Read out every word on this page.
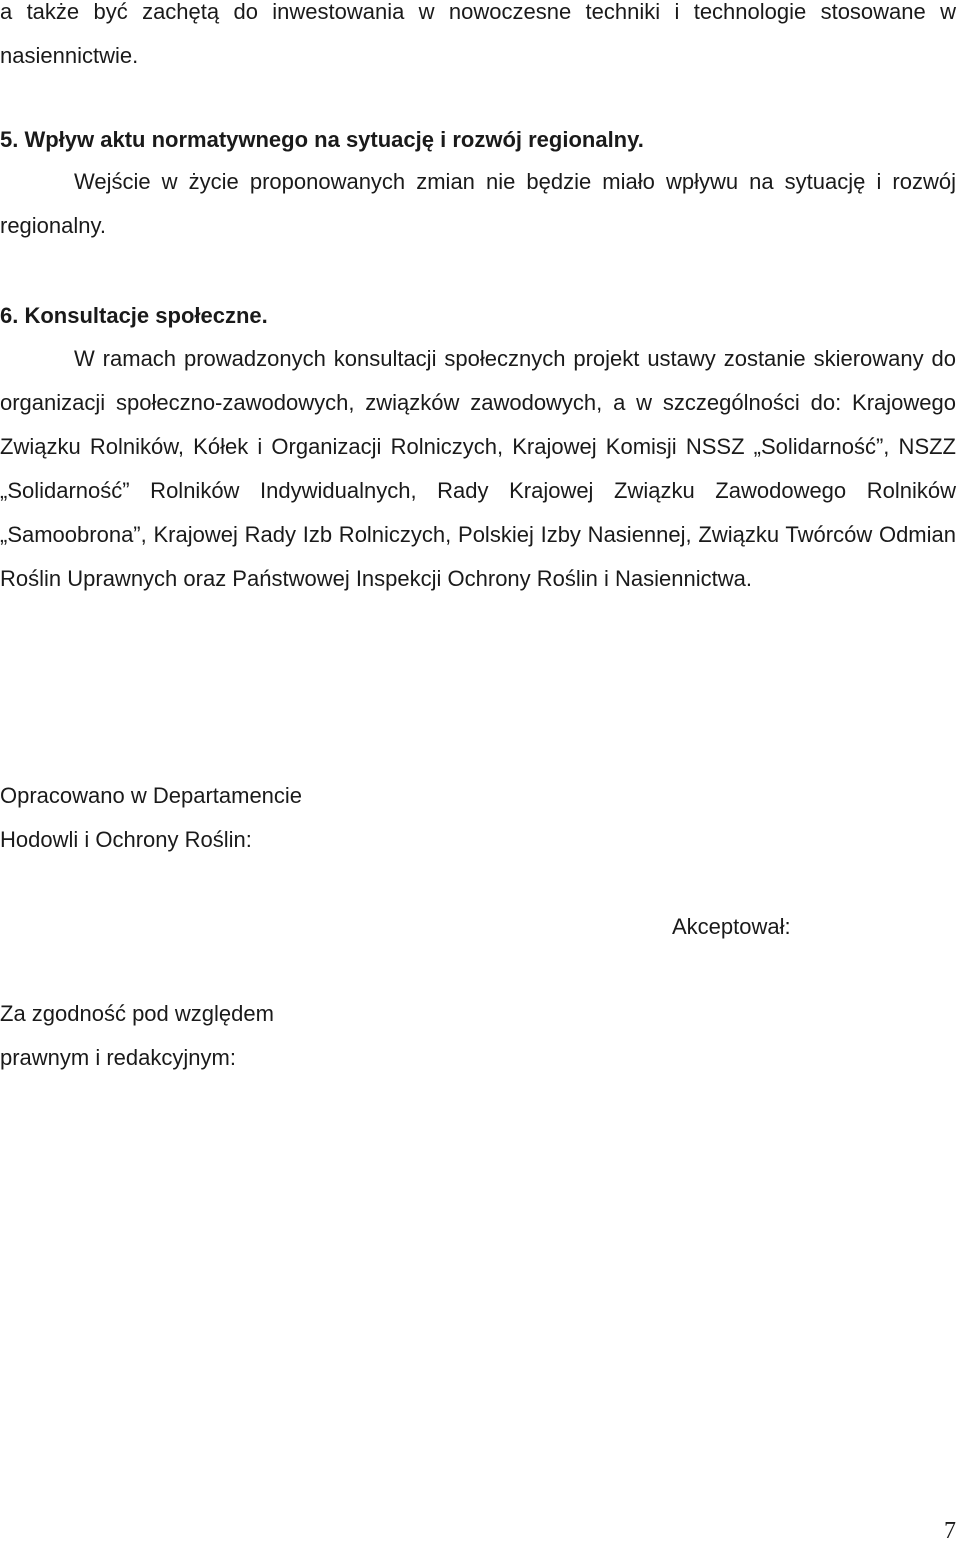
a także być zachętą do inwestowania w nowoczesne techniki i technologie stosowane w nasiennictwie.

5. Wpływ aktu normatywnego na sytuację i rozwój regionalny.

Wejście w życie proponowanych zmian nie będzie miało wpływu na sytuację i rozwój regionalny.

6. Konsultacje społeczne.

W ramach prowadzonych konsultacji społecznych projekt ustawy zostanie skierowany do organizacji społeczno-zawodowych, związków zawodowych, a w szczególności do: Krajowego Związku Rolników, Kółek i Organizacji Rolniczych, Krajowej Komisji NSSZ „Solidarność”, NSZZ „Solidarność” Rolników Indywidualnych, Rady Krajowej Związku Zawodowego Rolników „Samoobrona”, Krajowej Rady Izb Rolniczych, Polskiej Izby Nasiennej, Związku Twórców Odmian Roślin Uprawnych oraz Państwowej Inspekcji Ochrony Roślin i Nasiennictwa.

Opracowano w Departamencie

Hodowli i Ochrony Roślin:

Akceptował:

Za zgodność pod względem

prawnym i redakcyjnym:

7
